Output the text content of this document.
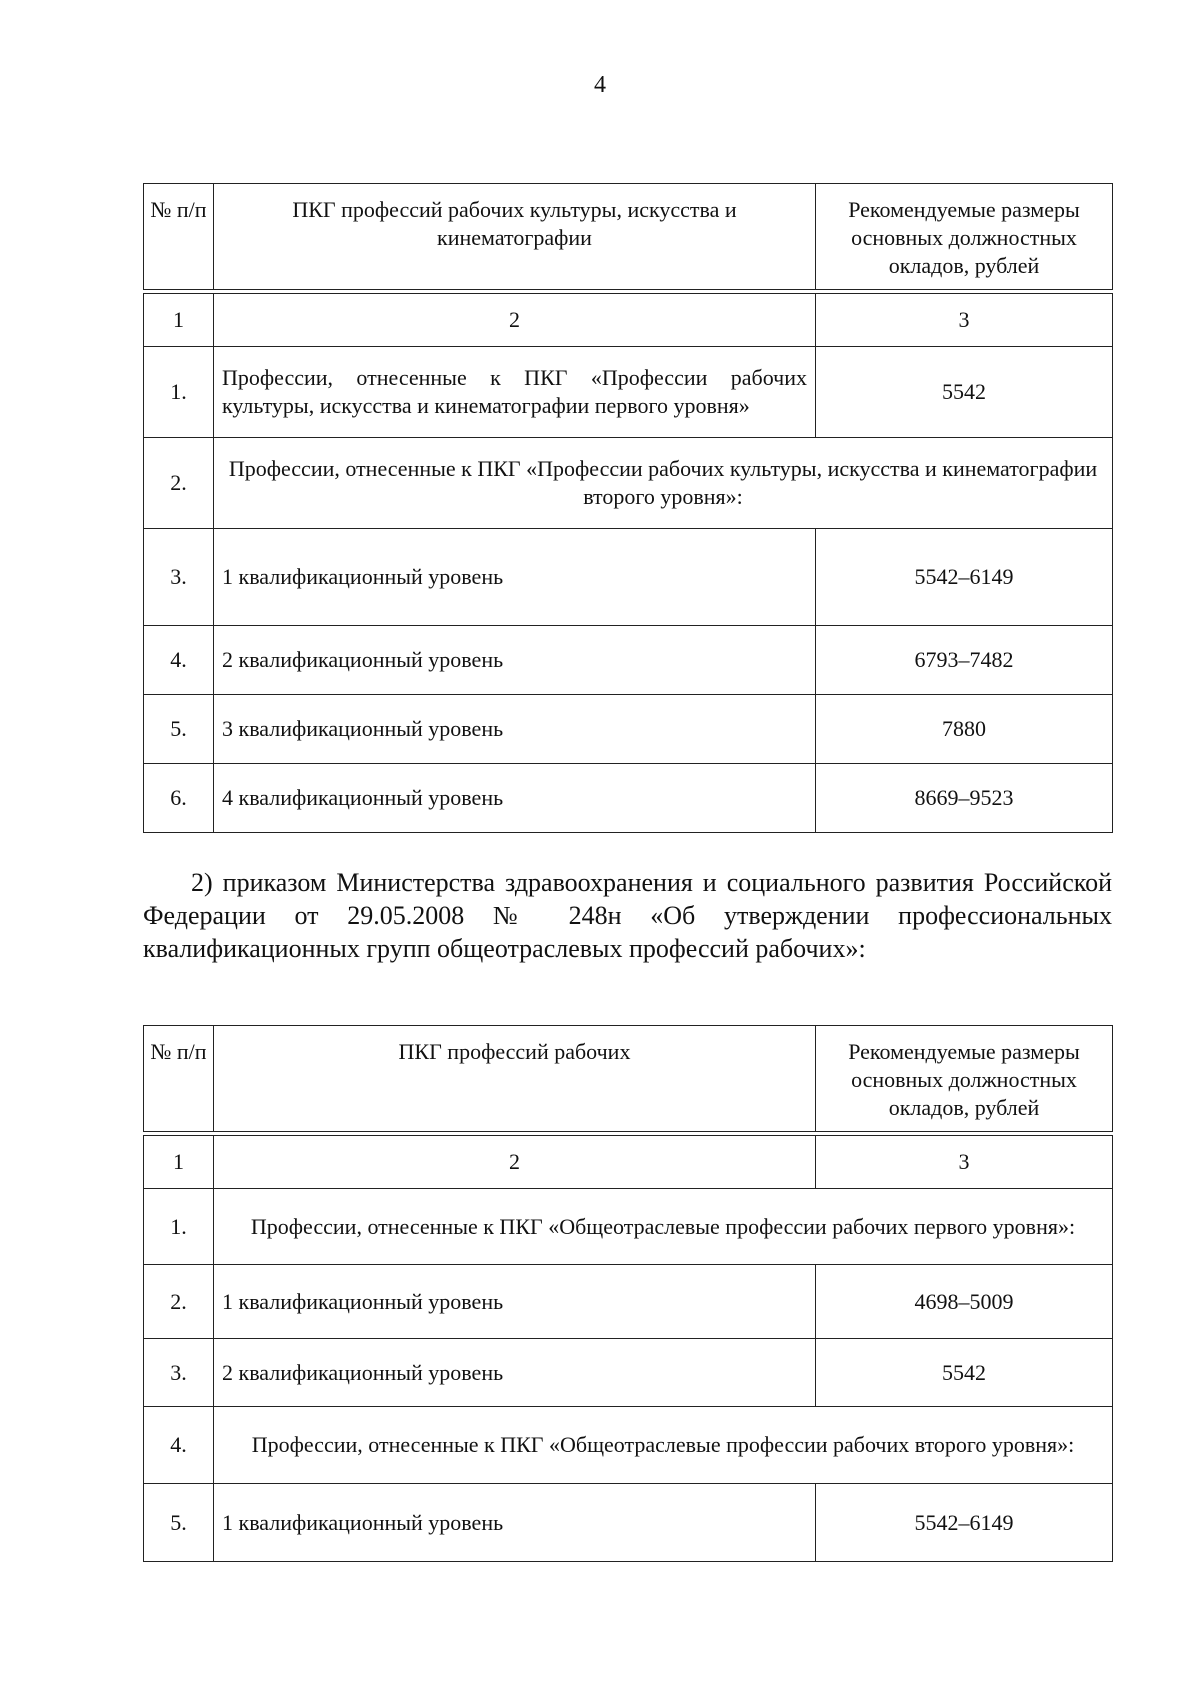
4
№ п/п	ПКГ профессий рабочих культуры, искусства и кинематографии	Рекомендуемые размеры основных должностных окладов, рублей

1	2	3
1.	Профессии, отнесенные к ПКГ «Профессии рабочих культуры, искусства и кинематографии первого уровня»	5542
2.	Профессии, отнесенные к ПКГ «Профессии рабочих культуры, искусства и кинематографии второго уровня»:	
3.	1 квалификационный уровень	5542–6149
4.	2 квалификационный уровень	6793–7482
5.	3 квалификационный уровень	7880
6.	4 квалификационный уровень	8669–9523

2) приказом Министерства здравоохранения и социального развития Российской Федерации от 29.05.2008 № 248н «Об утверждении профессиональных квалификационных групп общеотраслевых профессий рабочих»:

№ п/п	ПКГ профессий рабочих	Рекомендуемые размеры основных должностных окладов, рублей

1	2	3
1.	Профессии, отнесенные к ПКГ «Общеотраслевые профессии рабочих первого уровня»:	
2.	1 квалификационный уровень	4698–5009
3.	2 квалификационный уровень	5542
4.	Профессии, отнесенные к ПКГ «Общеотраслевые профессии рабочих второго уровня»:	
5.	1 квалификационный уровень	5542–6149
